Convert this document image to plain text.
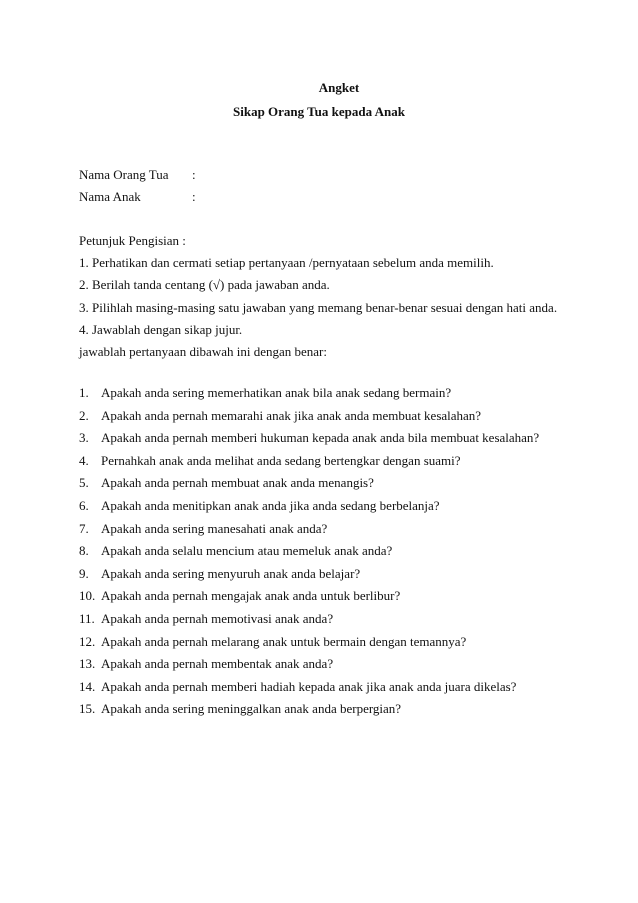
Angket
Sikap Orang Tua kepada Anak
Nama Orang Tua :
Nama Anak	:
Petunjuk Pengisian :
1. Perhatikan dan cermati setiap pertanyaan /pernyataan sebelum anda memilih.
2. Berilah tanda centang (√) pada jawaban anda.
3. Pilihlah masing-masing satu jawaban yang memang benar-benar sesuai dengan hati anda.
4. Jawablah dengan sikap jujur.
jawablah pertanyaan dibawah ini dengan benar:
1. Apakah anda sering memerhatikan anak bila anak sedang bermain?
2. Apakah anda pernah memarahi anak jika anak anda membuat kesalahan?
3. Apakah anda pernah memberi hukuman kepada anak anda bila membuat kesalahan?
4. Pernahkah anak anda melihat anda sedang bertengkar dengan suami?
5. Apakah anda pernah membuat anak anda menangis?
6. Apakah anda menitipkan anak anda jika anda sedang berbelanja?
7. Apakah anda sering manesahati anak anda?
8. Apakah anda selalu mencium atau memeluk anak anda?
9. Apakah anda sering menyuruh anak anda belajar?
10. Apakah anda pernah mengajak anak anda untuk berlibur?
11. Apakah anda pernah memotivasi anak anda?
12. Apakah anda pernah melarang anak untuk bermain dengan temannya?
13. Apakah anda pernah membentak anak anda?
14. Apakah anda pernah memberi hadiah kepada anak jika anak anda juara dikelas?
15. Apakah anda sering meninggalkan anak anda berpergian?
